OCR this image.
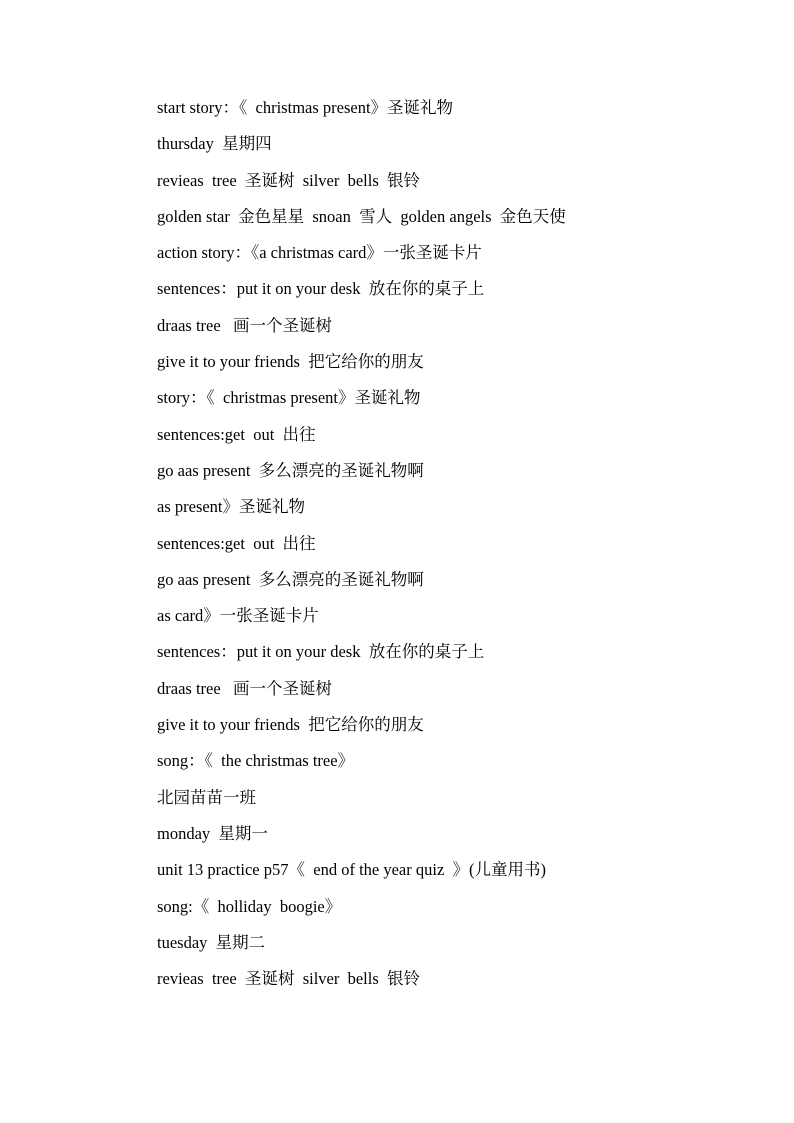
start story：《  christmas present》圣诞礼物
thursday  星期四
revieas  tree  圣诞树  silver  bells  银铃
golden star  金色星星  snoan  雪人  golden angels  金色天使
action story：《a christmas card》一张圣诞卡片
sentences：put it on your desk  放在你的桌子上
draas tree   画一个圣诞树
give it to your friends  把它给你的朋友
story：《  christmas present》圣诞礼物
sentences:get  out  出往
go aas present  多么漂亮的圣诞礼物啊
as present》圣诞礼物
sentences:get  out  出往
go aas present  多么漂亮的圣诞礼物啊
as card》一张圣诞卡片
sentences：put it on your desk  放在你的桌子上
draas tree   画一个圣诞树
give it to your friends  把它给你的朋友
song：《  the christmas tree》
北园苗苗一班
monday  星期一
unit 13 practice p57《  end of the year quiz  》(儿童用书)
song:《  holliday  boogie》
tuesday  星期二
revieas  tree  圣诞树  silver  bells  银铃
